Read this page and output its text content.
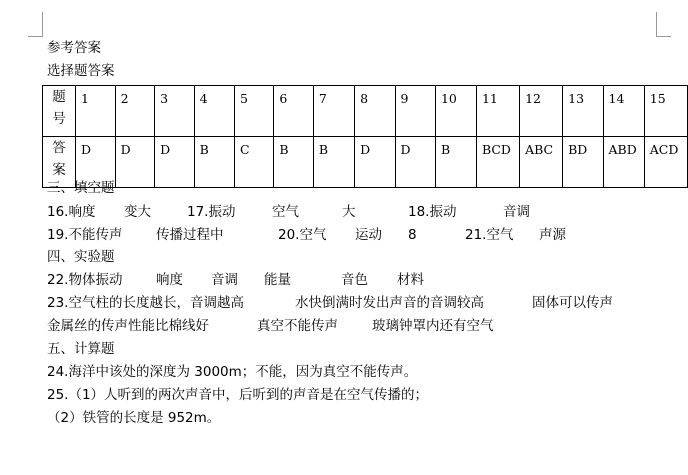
参考答案
选择题答案
题
号	1	2	3	4	5	6	7	8	9	10	11	12	13	14	15

答
案	D	D	D	B	C	B	B	D	D	B	BCD	ABC	BD	ABD	ACD
三、填空题
16.响度 变大	17.振动	空气	大	18.振动	音调
19.不能传声 传播过程中	20.空气 运动 8	21.空气 声源
四、实验题
22.物体振动 响度 音调 能量	音色 材料
23.空气柱的长度越长，音调越高	水快倒满时发出声音的音调较高	固体可以传声
金属丝的传声性能比棉线好	真空不能传声	玻璃钟罩内还有空气
五、计算题
24.海洋中该处的深度为 3000m；不能，因为真空不能传声。
25.（1）人听到的两次声音中，后听到的声音是在空气传播的；
（2）铁管的长度是 952m。
